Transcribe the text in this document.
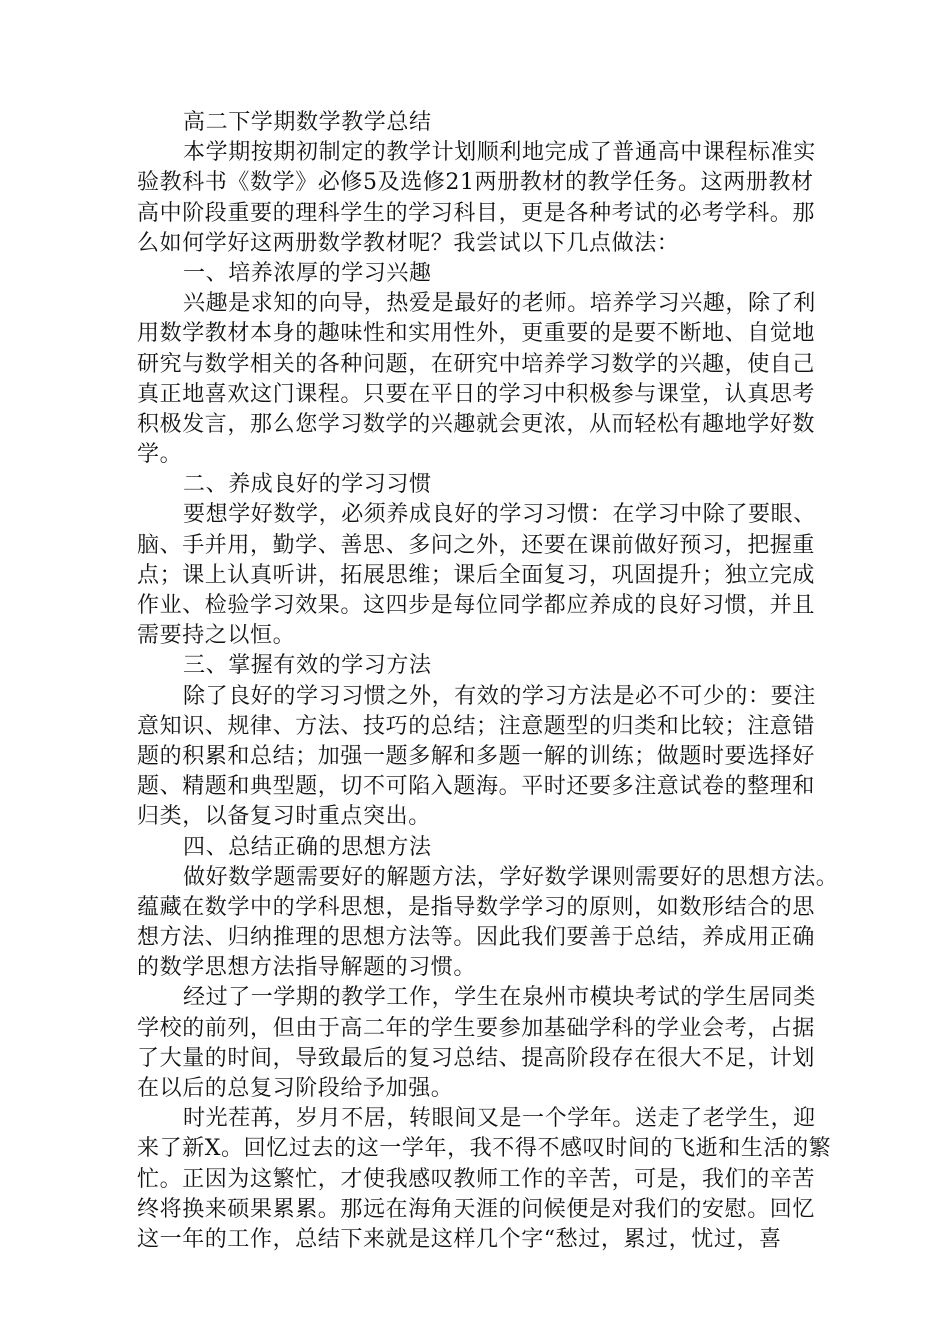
高二下学期数学教学总结
本学期按期初制定的教学计划顺利地完成了普通高中课程标准实
验教科书《数学》必修5及选修21两册教材的教学任务。这两册教材
高中阶段重要的理科学生的学习科目，更是各种考试的必考学科。那
么如何学好这两册数学教材呢？我尝试以下几点做法：
一、培养浓厚的学习兴趣
兴趣是求知的向导，热爱是最好的老师。培养学习兴趣，除了利
用数学教材本身的趣味性和实用性外，更重要的是要不断地、自觉地
研究与数学相关的各种问题，在研究中培养学习数学的兴趣，使自己
真正地喜欢这门课程。只要在平日的学习中积极参与课堂，认真思考
积极发言，那么您学习数学的兴趣就会更浓，从而轻松有趣地学好数
学。
二、养成良好的学习习惯
要想学好数学，必须养成良好的学习习惯：在学习中除了要眼、
脑、手并用，勤学、善思、多问之外，还要在课前做好预习，把握重
点；课上认真听讲，拓展思维；课后全面复习，巩固提升；独立完成
作业、检验学习效果。这四步是每位同学都应养成的良好习惯，并且
需要持之以恒。
三、掌握有效的学习方法
除了良好的学习习惯之外，有效的学习方法是必不可少的：要注
意知识、规律、方法、技巧的总结；注意题型的归类和比较；注意错
题的积累和总结；加强一题多解和多题一解的训练；做题时要选择好
题、精题和典型题，切不可陷入题海。平时还要多注意试卷的整理和
归类，以备复习时重点突出。
四、总结正确的思想方法
做好数学题需要好的解题方法，学好数学课则需要好的思想方法。
蕴藏在数学中的学科思想，是指导数学学习的原则，如数形结合的思
想方法、归纳推理的思想方法等。因此我们要善于总结，养成用正确
的数学思想方法指导解题的习惯。
经过了一学期的教学工作，学生在泉州市模块考试的学生居同类
学校的前列，但由于高二年的学生要参加基础学科的学业会考，占据
了大量的时间，导致最后的复习总结、提高阶段存在很大不足，计划
在以后的总复习阶段给予加强。
时光茬苒，岁月不居，转眼间又是一个学年。送走了老学生，迎
来了新X。回忆过去的这一学年，我不得不感叹时间的飞逝和生活的繁
忙。正因为这繁忙，才使我感叹教师工作的辛苦，可是，我们的辛苦
终将换来硕果累累。那远在海角天涯的问候便是对我们的安慰。回忆
这一年的工作，总结下来就是这样几个字“愁过，累过，忧过，喜
